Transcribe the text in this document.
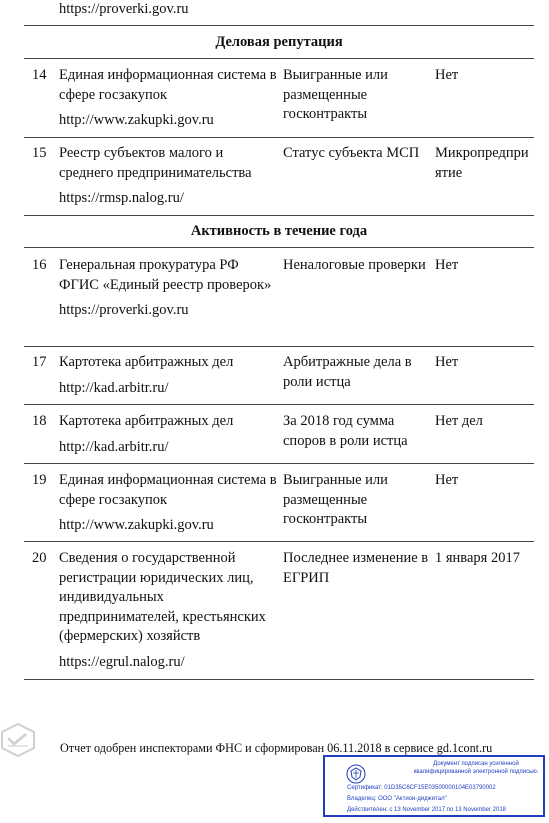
https://proverki.gov.ru
Деловая репутация
14 Единая информационная система в сфере госзакупок
http://www.zakupki.gov.ru
Выигранные или размещенные госконтракты
Нет
15 Реестр субъектов малого и среднего предпринимательства
https://rmsp.nalog.ru/
Статус субъекта МСП	Микропредприятие
Активность в течение года
16 Генеральная прокуратура РФ ФГИС «Единый реестр проверок»
https://proverki.gov.ru
Неналоговые проверки Нет
17 Картотека арбитражных дел
http://kad.arbitr.ru/
Арбитражные дела в роли истца
Нет
18 Картотека арбитражных дел
http://kad.arbitr.ru/
За 2018 год сумма споров в роли истца
Нет дел
19 Единая информационная система в сфере госзакупок
http://www.zakupki.gov.ru
Выигранные или размещенные госконтракты
Нет
20 Сведения о государственной регистрации юридических лиц, индивидуальных предпринимателей, крестьянских (фермерских) хозяйств
https://egrul.nalog.ru/
Последнее изменение в ЕГРИП
1 января 2017
Отчет одобрен инспекторами ФНС и сформирован 06.11.2018 в сервисе gd.1cont.ru
Документ подписан усиленной квалифицированной электронной подписью.
Сертификат: 01D35C6CF15E03500000104E03790002
Владелец: ООО "Актион-диджитал"
Действителен: с 13 November 2017 по 13 November 2018
